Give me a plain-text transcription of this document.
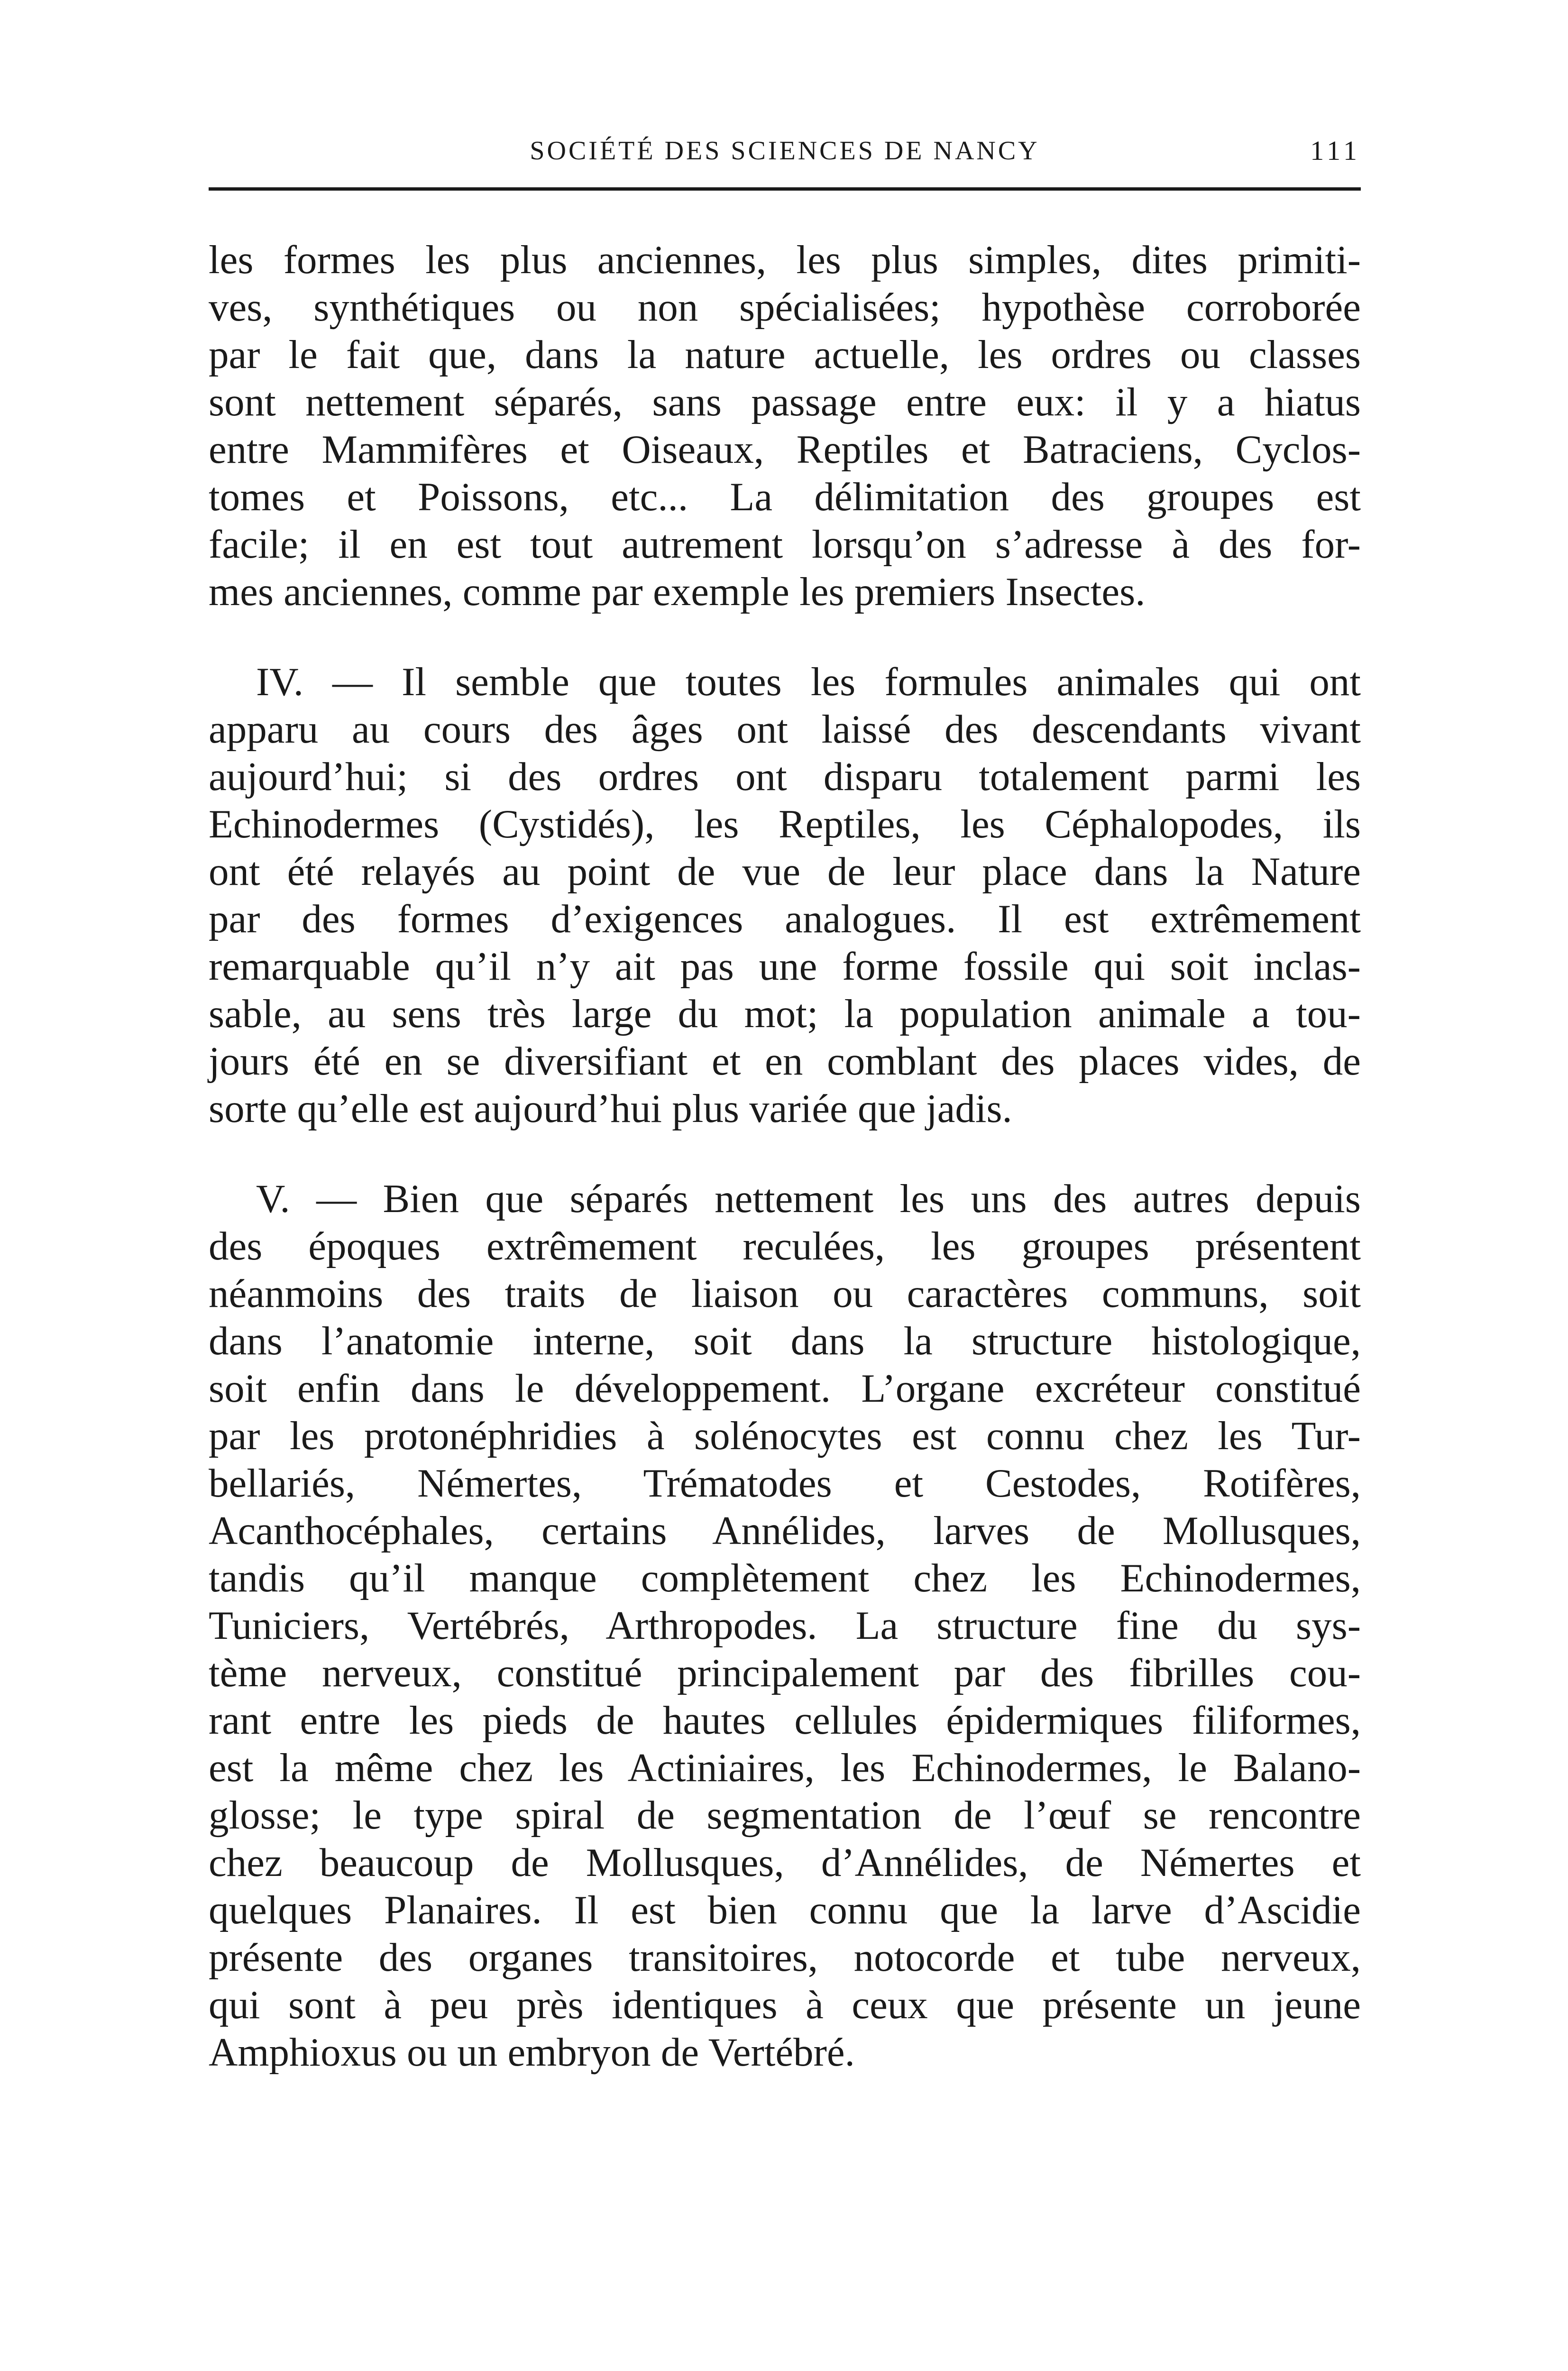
SOCIÉTÉ DES SCIENCES DE NANCY	111

les formes les plus anciennes, les plus simples, dites primiti-
ves, synthétiques ou non spécialisées; hypothèse corroborée
par le fait que, dans la nature actuelle, les ordres ou classes
sont nettement séparés, sans passage entre eux: il y a hiatus
entre Mammifères et Oiseaux, Reptiles et Batraciens, Cyclos-
tomes et Poissons, etc... La délimitation des groupes est
facile; il en est tout autrement lorsqu’on s’adresse à des for-
mes anciennes, comme par exemple les premiers Insectes.

IV. — Il semble que toutes les formules animales qui ont
apparu au cours des âges ont laissé des descendants vivant
aujourd’hui; si des ordres ont disparu totalement parmi les
Echinodermes (Cystidés), les Reptiles, les Céphalopodes, ils
ont été relayés au point de vue de leur place dans la Nature
par des formes d’exigences analogues. Il est extrêmement
remarquable qu’il n’y ait pas une forme fossile qui soit inclas-
sable, au sens très large du mot; la population animale a tou-
jours été en se diversifiant et en comblant des places vides, de
sorte qu’elle est aujourd’hui plus variée que jadis.

V. — Bien que séparés nettement les uns des autres depuis
des époques extrêmement reculées, les groupes présentent
néanmoins des traits de liaison ou caractères communs, soit
dans l’anatomie interne, soit dans la structure histologique,
soit enfin dans le développement. L’organe excréteur constitué
par les protonéphridies à solénocytes est connu chez les Tur-
bellariés, Némertes, Trématodes et Cestodes, Rotifères,
Acanthocéphales, certains Annélides, larves de Mollusques,
tandis qu’il manque complètement chez les Echinodermes,
Tuniciers, Vertébrés, Arthropodes. La structure fine du sys-
tème nerveux, constitué principalement par des fibrilles cou-
rant entre les pieds de hautes cellules épidermiques filiformes,
est la même chez les Actiniaires, les Echinodermes, le Balano-
glosse; le type spiral de segmentation de l’œuf se rencontre
chez beaucoup de Mollusques, d’Annélides, de Némertes et
quelques Planaires. Il est bien connu que la larve d’Ascidie
présente des organes transitoires, notocorde et tube nerveux,
qui sont à peu près identiques à ceux que présente un jeune
Amphioxus ou un embryon de Vertébré.
